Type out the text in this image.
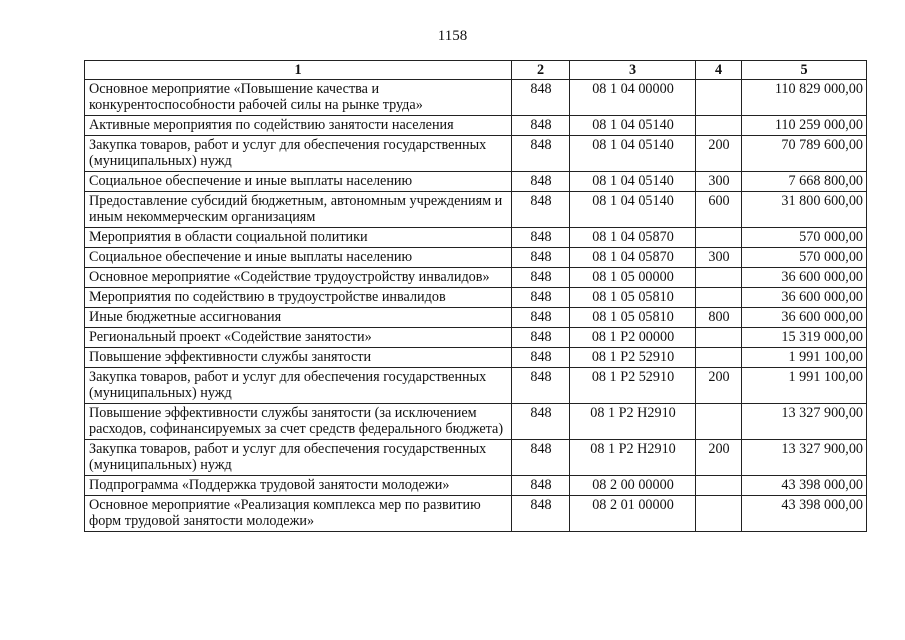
1158
1	2	3	4	5
Основное мероприятие «Повышение качества и конкурентоспособности рабочей силы на рынке труда»	848	08 1 04 00000		110 829 000,00
Активные мероприятия по содействию занятости населения	848	08 1 04 05140		110 259 000,00
Закупка товаров, работ и услуг для обеспечения государственных (муниципальных) нужд	848	08 1 04 05140	200	70 789 600,00
Социальное обеспечение и иные выплаты населению	848	08 1 04 05140	300	7 668 800,00
Предоставление субсидий бюджетным, автономным учреждениям и иным некоммерческим организациям	848	08 1 04 05140	600	31 800 600,00
Мероприятия в области социальной политики	848	08 1 04 05870		570 000,00
Социальное обеспечение и иные выплаты населению	848	08 1 04 05870	300	570 000,00
Основное мероприятие «Содействие трудоустройству инвалидов»	848	08 1 05 00000		36 600 000,00
Мероприятия по содействию в трудоустройстве инвалидов	848	08 1 05 05810		36 600 000,00
Иные бюджетные ассигнования	848	08 1 05 05810	800	36 600 000,00
Региональный проект «Содействие занятости»	848	08 1 Р2 00000		15 319 000,00
Повышение эффективности службы занятости	848	08 1 Р2 52910		1 991 100,00
Закупка товаров, работ и услуг для обеспечения государственных (муниципальных) нужд	848	08 1 Р2 52910	200	1 991 100,00
Повышение эффективности службы занятости (за исключением расходов, софинансируемых за счет средств федерального бюджета)	848	08 1 Р2 Н2910		13 327 900,00
Закупка товаров, работ и услуг для обеспечения государственных (муниципальных) нужд	848	08 1 Р2 Н2910	200	13 327 900,00
Подпрограмма «Поддержка трудовой занятости молодежи»	848	08 2 00 00000		43 398 000,00
Основное мероприятие «Реализация комплекса мер по развитию форм трудовой занятости молодежи»	848	08 2 01 00000		43 398 000,00
